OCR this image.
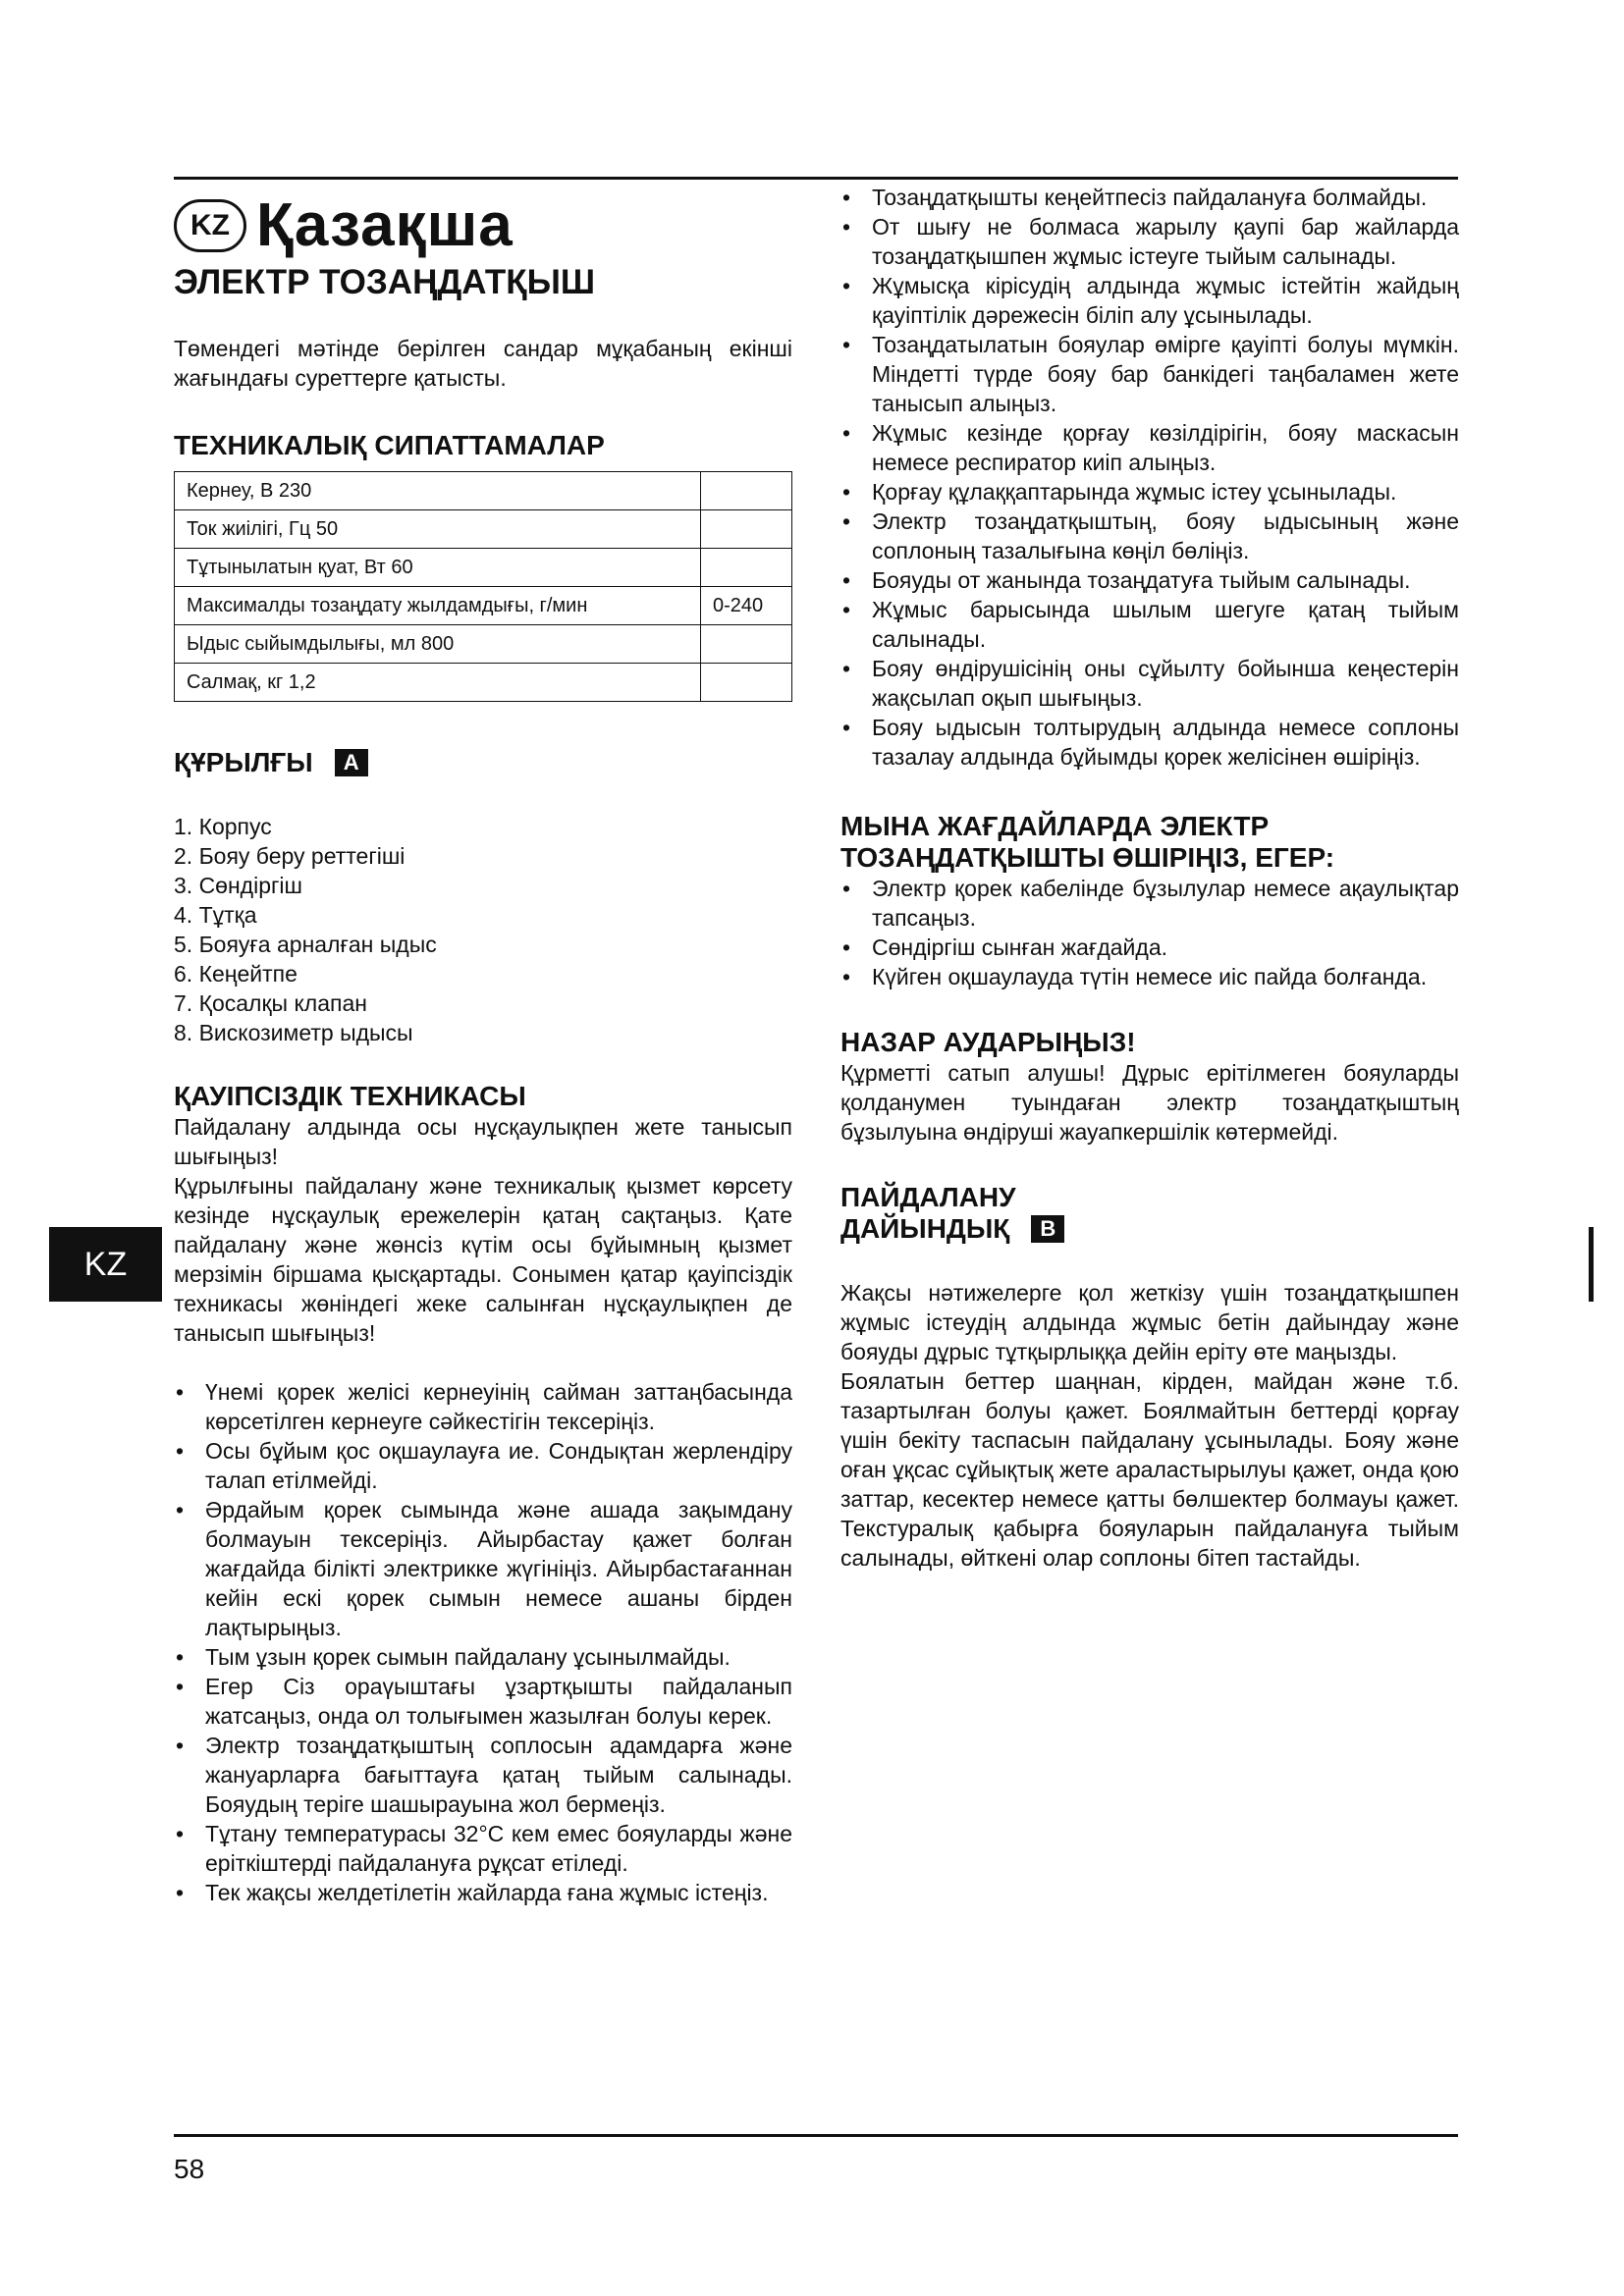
KZ Қазақша
ЭЛЕКТР ТОЗАҢДАТҚЫШ

Төмендегі мәтінде берілген сандар мұқабаның екінші жағындағы суреттерге қатысты.

ТЕХНИКАЛЫҚ СИПАТТАМАЛАР
Кернеу, В 230	
Ток жиілігі, Гц 50	
Тұтынылатын қуат, Вт 60	
Максималды тозаңдату жылдамдығы, г/мин	0-240
Ыдыс сыйымдылығы, мл 800	
Салмақ, кг 1,2	
ҚҰРЫЛҒЫ	A
1. Корпус
2. Бояу беру реттегіші
3. Сөндіргіш
4. Тұтқа
5. Бояуға арналған ыдыс
6. Кеңейтпе
7. Қосалқы клапан
8. Вискозиметр ыдысы
ҚАУІПСІЗДІК ТЕХНИКАСЫ

Пайдалану алдында осы нұсқаулықпен жете танысып шығыңыз!

Құрылғыны пайдалану және техникалық қызмет көрсету кезінде нұсқаулық ережелерін қатаң сақтаңыз. Қате пайдалану және жөнсіз күтім осы бұйымның қызмет мерзімін біршама қысқартады. Сонымен қатар қауіпсіздік техникасы жөніндегі жеке салынған нұсқаулықпен де танысып шығыңыз!

• Үнемі қорек желісі кернеуінің сайман заттаңбасында көрсетілген кернеуге сәйкестігін тексеріңіз.
• Осы бұйым қос оқшаулауға ие. Сондықтан жерлендіру талап етілмейді.
• Әрдайым қорек сымында және ашада зақымдану болмауын тексеріңіз. Айырбастау қажет болған жағдайда білікті электрикке жүгініңіз. Айырбастағаннан кейін ескі қорек сымын немесе ашаны бірден лақтырыңыз.
• Тым ұзын қорек сымын пайдалану ұсынылмайды.
• Егер Сіз ораүыштағы ұзартқышты пайдаланып жатсаңыз, онда ол толығымен жазылған болуы керек.
• Электр тозаңдатқыштың соплосын адамдарға және жануарларға бағыттауға қатаң тыйым салынады. Бояудың теріге шашырауына жол бермеңіз.
• Тұтану температурасы 32°С кем емес бояуларды және еріткіштерді пайдалануға рұқсат етіледі.
• Тек жақсы желдетілетін жайларда ғана жұмыс істеңіз.
• Тозаңдатқышты кеңейтпесіз пайдалануға болмайды.
• От шығу не болмаса жарылу қаупі бар жайларда тозаңдатқышпен жұмыс істеуге тыйым салынады.
• Жұмысқа кірісудің алдында жұмыс істейтін жайдың қауіптілік дәрежесін біліп алу ұсынылады.
• Тозаңдатылатын бояулар өмірге қауіпті болуы мүмкін. Міндетті түрде бояу бар банкідегі таңбаламен жете танысып алыңыз.
• Жұмыс кезінде қорғау көзілдірігін, бояу маскасын немесе респиратор киіп алыңыз.
• Қорғау құлаққаптарында жұмыс істеу ұсынылады.
• Электр тозаңдатқыштың, бояу ыдысының және соплоның тазалығына көңіл бөліңіз.
• Бояуды от жанында тозаңдатуға тыйым салынады.
• Жұмыс барысында шылым шегуге қатаң тыйым салынады.
• Бояу өндірушісінің оны сұйылту бойынша кеңестерін жақсылап оқып шығыңыз.
• Бояу ыдысын толтырудың алдында немесе соплоны тазалау алдында бұйымды қорек желісінен өшіріңіз.
МЫНА ЖАҒДАЙЛАРДА ЭЛЕКТР
ТОЗАҢДАТҚЫШТЫ ӨШІРІҢІЗ, ЕГЕР:
• Электр қорек кабелінде бұзылулар немесе ақаулықтар тапсаңыз.
• Сөндіргіш сынған жағдайда.
• Күйген оқшаулауда түтін немесе иіс пайда болғанда.
НАЗАР АУДАРЫҢЫЗ!

Құрметті сатып алушы! Дұрыс ерітілмеген бояуларды қолданумен туындаған электр тозаңдатқыштың бұзылуына өндіруші жауапкершілік көтермейді.

ПАЙДАЛАНУ
ДАЙЫНДЫҚ	B

Жақсы нәтижелерге қол жеткізу үшін тозаңдатқышпен жұмыс істеудің алдында жұмыс бетін дайындау және бояуды дұрыс тұтқырлыққа дейін еріту өте маңызды.

Боялатын беттер шаңнан, кірден, майдан және т.б. тазартылған болуы қажет. Боялмайтын беттерді қорғау үшін бекіту таспасын пайдалану ұсынылады. Бояу және оған ұқсас сұйықтық жете араластырылуы қажет, онда қою заттар, кесектер немесе қатты бөлшектер болмауы қажет. Текстуралық қабырға бояуларын пайдалануға тыйым салынады, өйткені олар соплоны бітеп тастайды.

KZ
58
